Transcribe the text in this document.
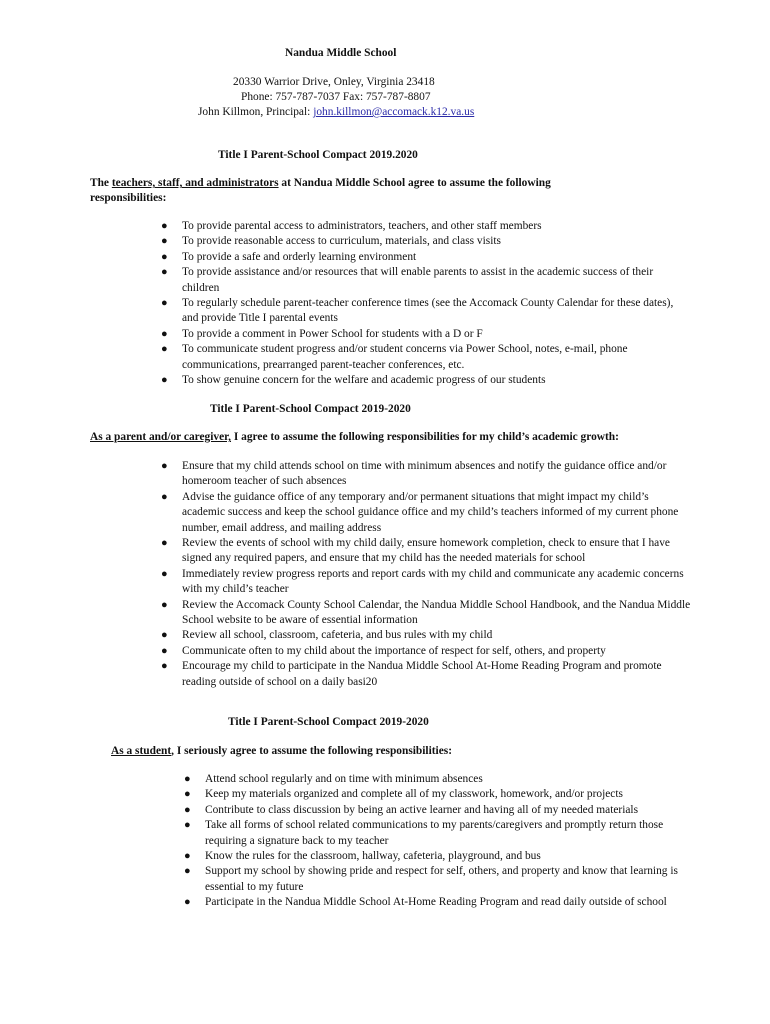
Nandua Middle School
20330 Warrior Drive, Onley, Virginia 23418
Phone: 757-787-7037 Fax: 757-787-8807
John Killmon, Principal: john.killmon@accomack.k12.va.us
Title I Parent-School Compact 2019.2020
The teachers, staff, and administrators at Nandua Middle School agree to assume the following
responsibilities:
● To provide parental access to administrators, teachers, and other staff members
● To provide reasonable access to curriculum, materials, and class visits
● To provide a safe and orderly learning environment
● To provide assistance and/or resources that will enable parents to assist in the academic success of their children
● To regularly schedule parent-teacher conference times (see the Accomack County Calendar for these dates), and provide Title I parental events
● To provide a comment in Power School for students with a D or F
● To communicate student progress and/or student concerns via Power School, notes, e-mail, phone communications, prearranged parent-teacher conferences, etc.
● To show genuine concern for the welfare and academic progress of our students
Title I Parent-School Compact 2019-2020
As a parent and/or caregiver, I agree to assume the following responsibilities for my child’s academic growth:
● Ensure that my child attends school on time with minimum absences and notify the guidance office and/or homeroom teacher of such absences
● Advise the guidance office of any temporary and/or permanent situations that might impact my child’s academic success and keep the school guidance office and my child’s teachers informed of my current phone number, email address, and mailing address
● Review the events of school with my child daily, ensure homework completion, check to ensure that I have signed any required papers, and ensure that my child has the needed materials for school
● Immediately review progress reports and report cards with my child and communicate any academic concerns with my child’s teacher
● Review the Accomack County School Calendar, the Nandua Middle School Handbook, and the Nandua Middle School website to be aware of essential information
● Review all school, classroom, cafeteria, and bus rules with my child
● Communicate often to my child about the importance of respect for self, others, and property
● Encourage my child to participate in the Nandua Middle School At-Home Reading Program and promote reading outside of school on a daily basi20
Title I Parent-School Compact 2019-2020
As a student, I seriously agree to assume the following responsibilities:
● Attend school regularly and on time with minimum absences
● Keep my materials organized and complete all of my classwork, homework, and/or projects
● Contribute to class discussion by being an active learner and having all of my needed materials
● Take all forms of school related communications to my parents/caregivers and promptly return those requiring a signature back to my teacher
● Know the rules for the classroom, hallway, cafeteria, playground, and bus
● Support my school by showing pride and respect for self, others, and property and know that learning is essential to my future
● Participate in the Nandua Middle School At-Home Reading Program and read daily outside of school
